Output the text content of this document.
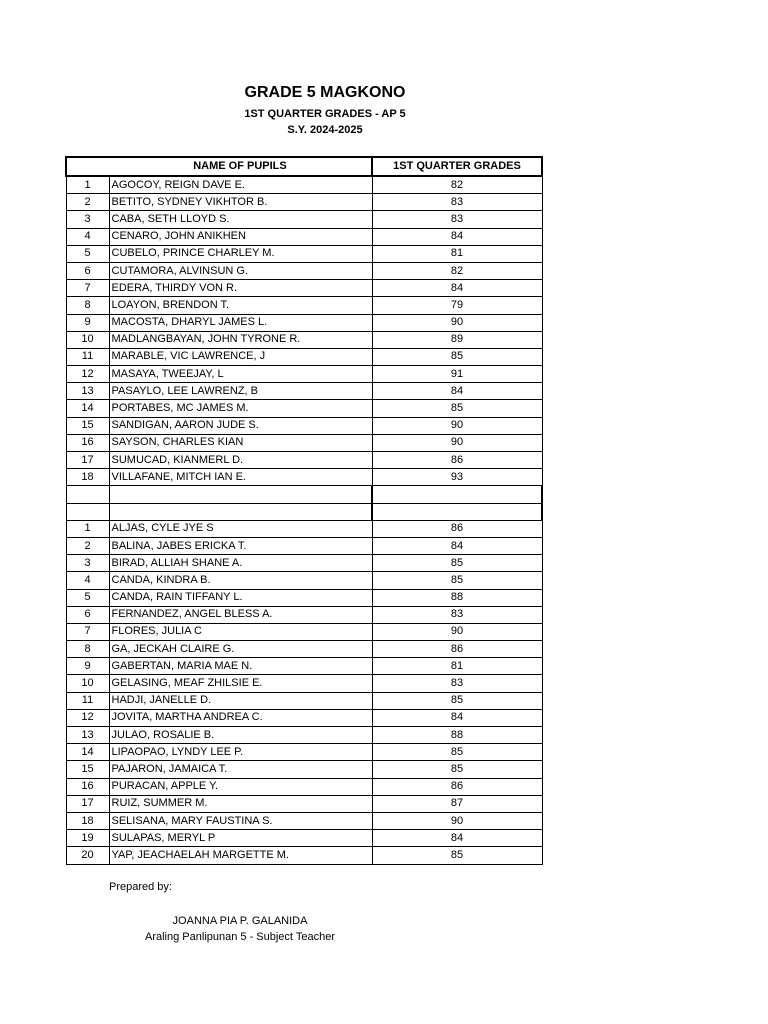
GRADE 5 MAGKONO
1ST QUARTER GRADES - AP 5
S.Y. 2024-2025
	NAME OF PUPILS	1ST QUARTER GRADES
1	AGOCOY, REIGN DAVE E.	82
2	BETITO, SYDNEY VIKHTOR B.	83
3	CABA, SETH LLOYD S.	83
4	CENARO, JOHN ANIKHEN	84
5	CUBELO, PRINCE CHARLEY M.	81
6	CUTAMORA, ALVINSUN G.	82
7	EDERA, THIRDY VON R.	84
8	LOAYON, BRENDON T.	79
9	MACOSTA, DHARYL JAMES L.	90
10	MADLANGBAYAN, JOHN TYRONE R.	89
11	MARABLE, VIC LAWRENCE, J	85
12	MASAYA, TWEEJAY, L	91
13	PASAYLO, LEE LAWRENZ, B	84
14	PORTABES, MC JAMES M.	85
15	SANDIGAN, AARON JUDE S.	90
16	SAYSON, CHARLES KIAN	90
17	SUMUCAD, KIANMERL D.	86
18	VILLAFANE, MITCH IAN E.	93

1	ALJAS, CYLE JYE S	86
2	BALINA, JABES ERICKA T.	84
3	BIRAD, ALLIAH SHANE A.	85
4	CANDA, KINDRA B.	85
5	CANDA, RAIN TIFFANY L.	88
6	FERNANDEZ, ANGEL BLESS A.	83
7	FLORES, JULIA C	90
8	GA, JECKAH CLAIRE G.	86
9	GABERTAN, MARIA MAE N.	81
10	GELASING, MEAF ZHILSIE E.	83
11	HADJI, JANELLE D.	85
12	JOVITA, MARTHA ANDREA C.	84
13	JULAO, ROSALIE B.	88
14	LIPAOPAO, LYNDY LEE P.	85
15	PAJARON, JAMAICA T.	85
16	PURACAN, APPLE Y.	86
17	RUIZ, SUMMER M.	87
18	SELISANA, MARY FAUSTINA S.	90
19	SULAPAS, MERYL P	84
20	YAP, JEACHAELAH MARGETTE M.	85
Prepared by:
JOANNA PIA P. GALANIDA
Araling Panlipunan 5 - Subject Teacher
